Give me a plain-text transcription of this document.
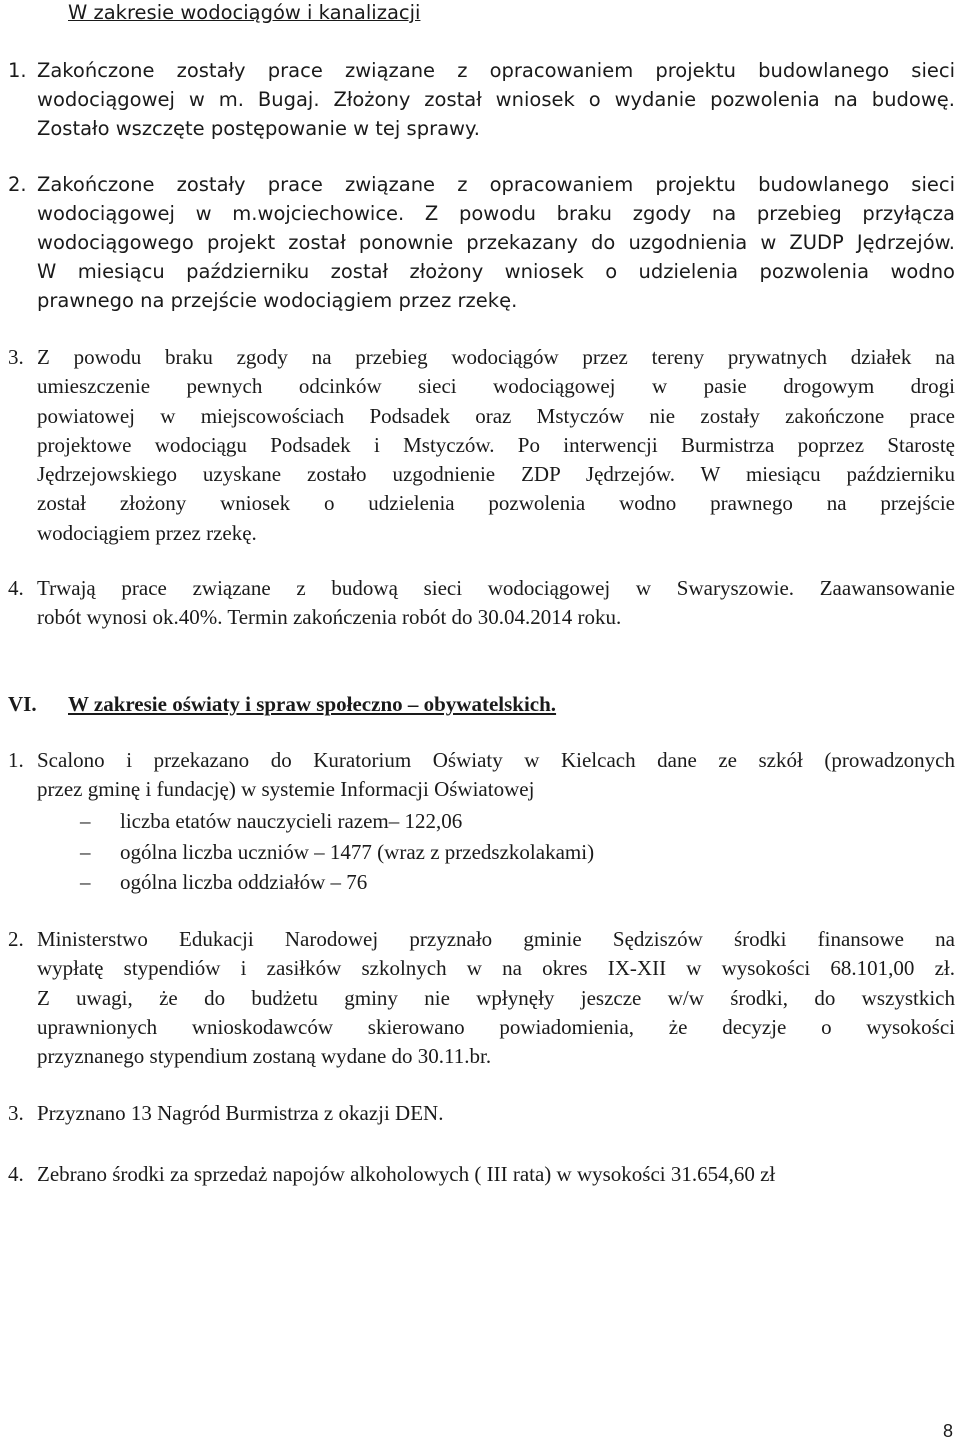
W zakresie wodociągów i kanalizacji
1. Zakończone zostały prace związane z opracowaniem projektu budowlanego sieci
wodociągowej w m. Bugaj. Złożony został wniosek o wydanie pozwolenia na budowę.
Zostało wszczęte postępowanie w tej sprawy.
2. Zakończone zostały prace związane z opracowaniem projektu budowlanego sieci
wodociągowej w m.wojciechowice. Z powodu braku zgody na przebieg przyłącza
wodociągowego projekt został ponownie przekazany do uzgodnienia w ZUDP Jędrzejów.
W miesiącu październiku został złożony wniosek o udzielenia pozwolenia wodno
prawnego na przejście wodociągiem przez rzekę.
3. Z powodu braku zgody na przebieg wodociągów przez tereny prywatnych działek na
umieszczenie pewnych odcinków sieci wodociągowej w pasie drogowym drogi
powiatowej w miejscowościach Podsadek oraz Mstyczów nie zostały zakończone prace
projektowe wodociągu Podsadek i Mstyczów. Po interwencji Burmistrza poprzez Starostę
Jędrzejowskiego uzyskane zostało uzgodnienie ZDP Jędrzejów. W miesiącu październiku
został złożony wniosek o udzielenia pozwolenia wodno prawnego na przejście
wodociągiem przez rzekę.
4. Trwają prace związane z budową sieci wodociągowej w Swaryszowie. Zaawansowanie
robót wynosi ok.40%. Termin zakończenia robót do 30.04.2014 roku.
VI. W zakresie oświaty i spraw społeczno – obywatelskich.
1. Scalono i przekazano do Kuratorium Oświaty w Kielcach dane ze szkół (prowadzonych
przez gminę i fundację) w systemie Informacji Oświatowej
– liczba etatów nauczycieli razem– 122,06
– ogólna liczba uczniów – 1477 (wraz z przedszkolakami)
– ogólna liczba oddziałów – 76
2. Ministerstwo Edukacji Narodowej przyznało gminie Sędziszów środki finansowe na
wypłatę stypendiów i zasiłków szkolnych w na okres IX-XII w wysokości 68.101,00 zł.
Z uwagi, że do budżetu gminy nie wpłynęły jeszcze w/w środki, do wszystkich
uprawnionych wnioskodawców skierowano powiadomienia, że decyzje o wysokości
przyznanego stypendium zostaną wydane do 30.11.br.
3. Przyznano 13 Nagród Burmistrza z okazji DEN.
4. Zebrano środki za sprzedaż napojów alkoholowych ( III rata) w wysokości 31.654,60 zł
8
